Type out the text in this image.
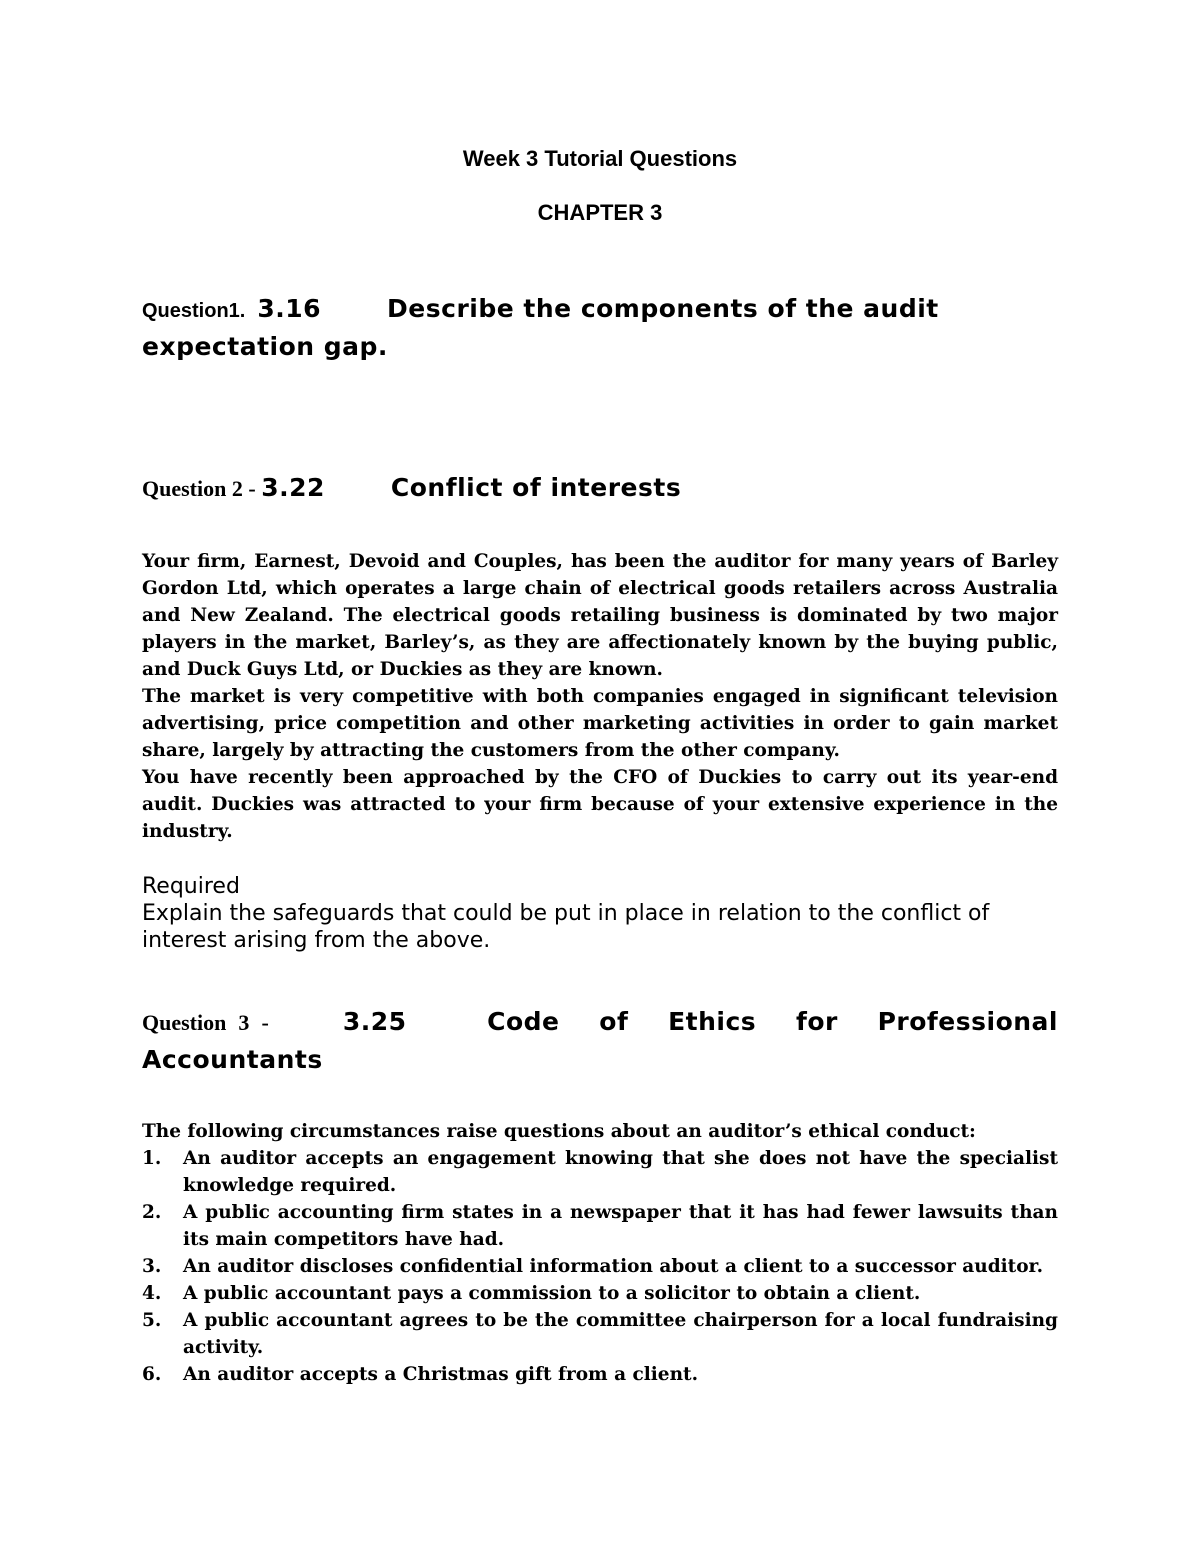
Week 3 Tutorial Questions
CHAPTER 3
Question1. 3.16	Describe the components of the audit expectation gap.
Question 2 - 3.22	Conflict of interests

Your firm, Earnest, Devoid and Couples, has been the auditor for many years of Barley Gordon Ltd, which operates a large chain of electrical goods retailers across Australia and New Zealand. The electrical goods retailing business is dominated by two major players in the market, Barley’s, as they are affectionately known by the buying public, and Duck Guys Ltd, or Duckies as they are known.

The market is very competitive with both companies engaged in significant television advertising, price competition and other marketing activities in order to gain market share, largely by attracting the customers from the other company.

You have recently been approached by the CFO of Duckies to carry out its year-end audit. Duckies was attracted to your firm because of your extensive experience in the industry.

Required
Explain the safeguards that could be put in place in relation to the conflict of interest arising from the above.
Question 3 - 3.25	Code of Ethics for Professional Accountants
The following circumstances raise questions about an auditor’s ethical conduct:
1. An auditor accepts an engagement knowing that she does not have the specialist knowledge required.
2. A public accounting firm states in a newspaper that it has had fewer lawsuits than its main competitors have had.
3. An auditor discloses confidential information about a client to a successor auditor.
4. A public accountant pays a commission to a solicitor to obtain a client.
5. A public accountant agrees to be the committee chairperson for a local fundraising activity.
6. An auditor accepts a Christmas gift from a client.
